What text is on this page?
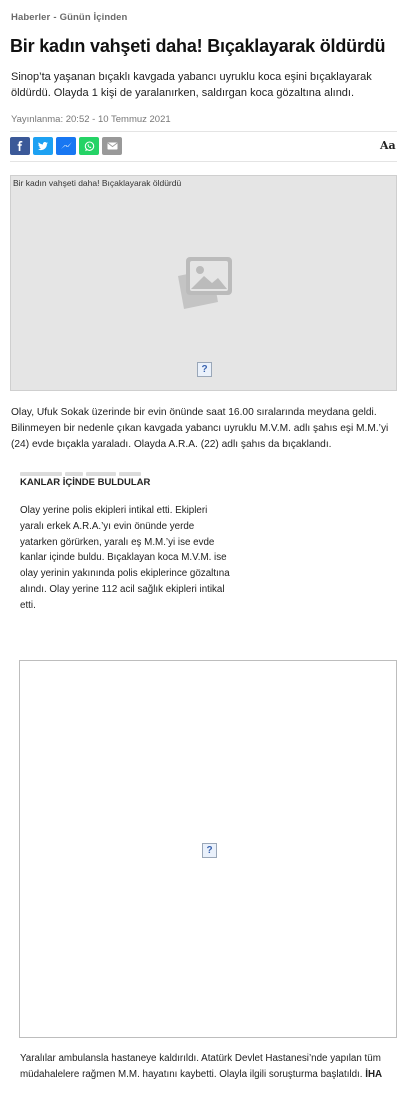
Haberler - Günün İçinden
Bir kadın vahşeti daha! Bıçaklayarak öldürdü

Sinop’ta yaşanan bıçaklı kavgada yabancı uyruklu koca eşini bıçaklayarak öldürdü. Olayda 1 kişi de yaralanırken, saldırgan koca gözaltına alındı.

Yayınlanma: 20:52 - 10 Temmuz 2021
Aa
Bir kadın vahşeti daha! Bıçaklayarak öldürdü
?

Olay, Ufuk Sokak üzerinde bir evin önünde saat 16.00 sıralarında meydana geldi. Bilinmeyen bir nedenle çıkan kavgada yabancı uyruklu M.V.M. adlı şahıs eşi M.M.’yi (24) evde bıçakla yaraladı. Olayda A.R.A. (22) adlı şahıs da bıçaklandı.

KANLAR İÇİNDE BULDULAR

Olay yerine polis ekipleri intikal etti. Ekipleri yaralı erkek A.R.A.’yı evin önünde yerde yatarken görürken, yaralı eş M.M.’yi ise evde kanlar içinde buldu. Bıçaklayan koca M.V.M. ise olay yerinin yakınında polis ekiplerince gözaltına alındı. Olay yerine 112 acil sağlık ekipleri intikal etti.

?

Yaralılar ambulansla hastaneye kaldırıldı. Atatürk Devlet Hastanesi’nde yapılan tüm müdahalelere rağmen M.M. hayatını kaybetti. Olayla ilgili soruşturma başlatıldı. İHA
